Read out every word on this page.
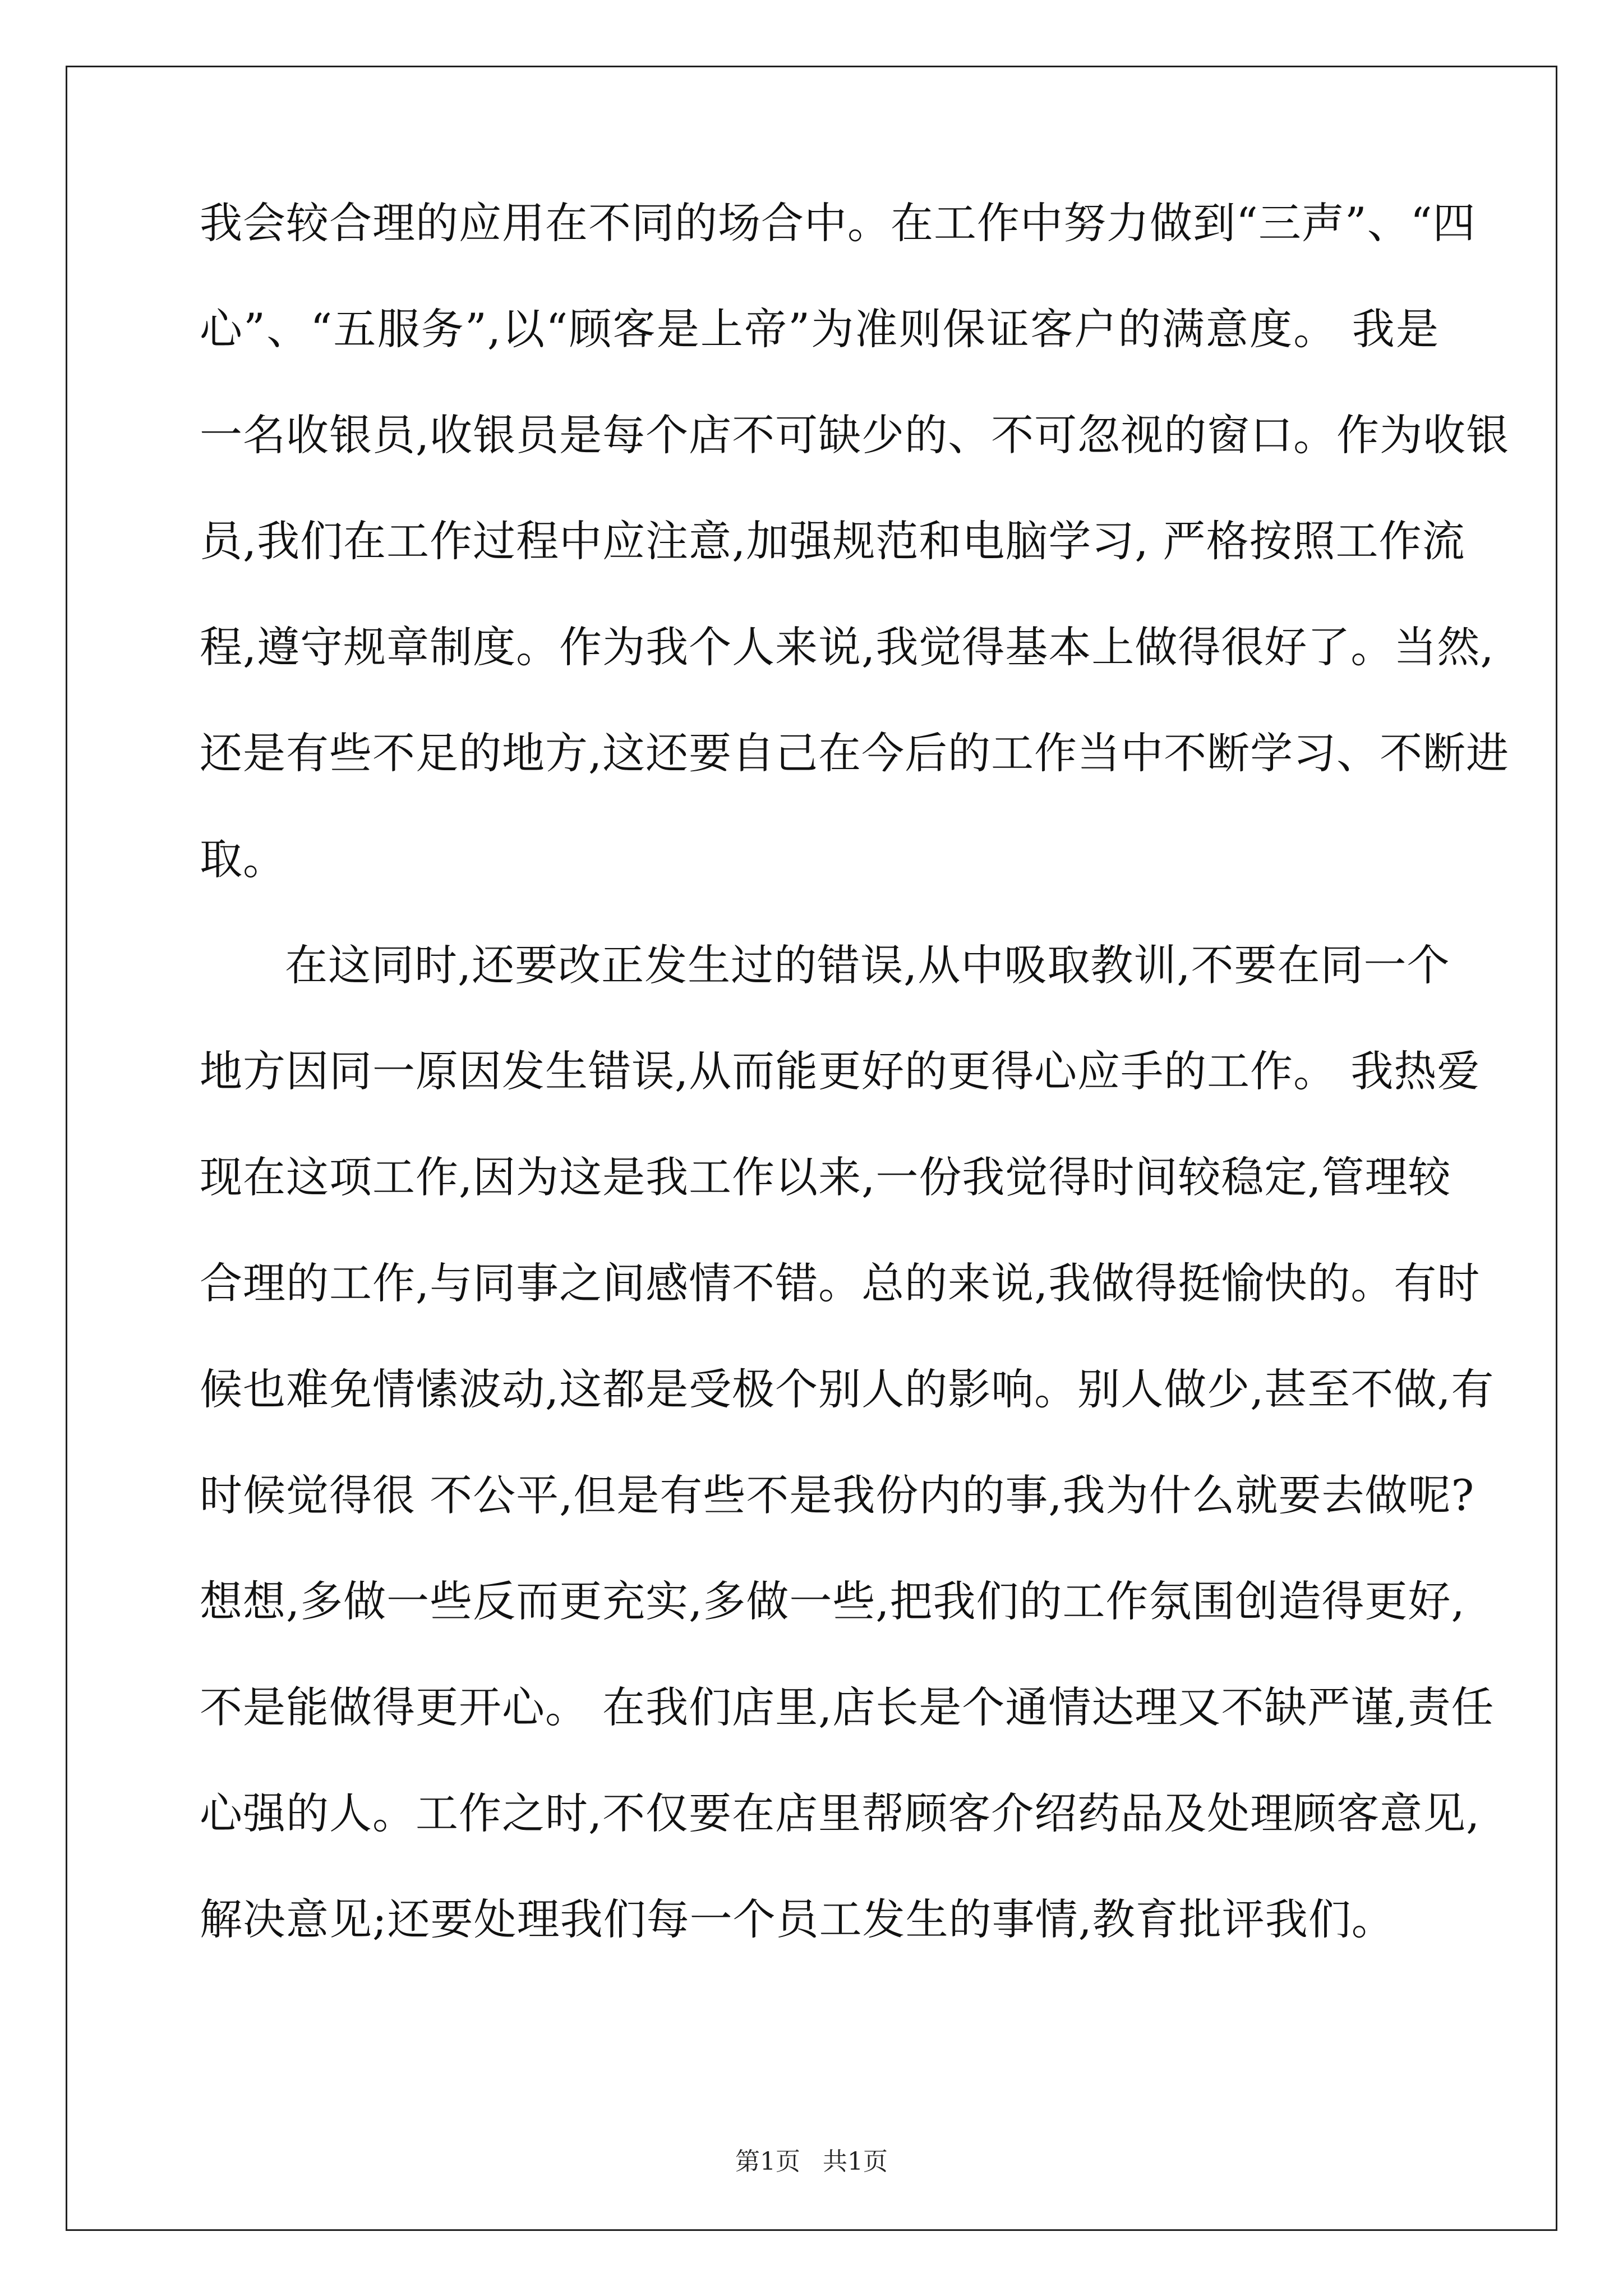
我会较合理的应用在不同的场合中。在工作中努力做到“三声”、“四
心”、“五服务”,以“顾客是上帝”为准则保证客户的满意度。 我是
一名收银员,收银员是每个店不可缺少的、不可忽视的窗口。作为收银
员,我们在工作过程中应注意,加强规范和电脑学习, 严格按照工作流
程,遵守规章制度。作为我个人来说,我觉得基本上做得很好了。当然,
还是有些不足的地方,这还要自己在今后的工作当中不断学习、不断进
取。
在这同时,还要改正发生过的错误,从中吸取教训,不要在同一个
地方因同一原因发生错误,从而能更好的更得心应手的工作。 我热爱
现在这项工作,因为这是我工作以来,一份我觉得时间较稳定,管理较
合理的工作,与同事之间感情不错。总的来说,我做得挺愉快的。有时
候也难免情愫波动,这都是受极个别人的影响。别人做少,甚至不做,有
时候觉得很 不公平,但是有些不是我份内的事,我为什么就要去做呢?
想想,多做一些反而更充实,多做一些,把我们的工作氛围创造得更好,
不是能做得更开心。 在我们店里,店长是个通情达理又不缺严谨,责任
心强的人。工作之时,不仅要在店里帮顾客介绍药品及处理顾客意见,
解决意见;还要处理我们每一个员工发生的事情,教育批评我们。
第1页 共1页
